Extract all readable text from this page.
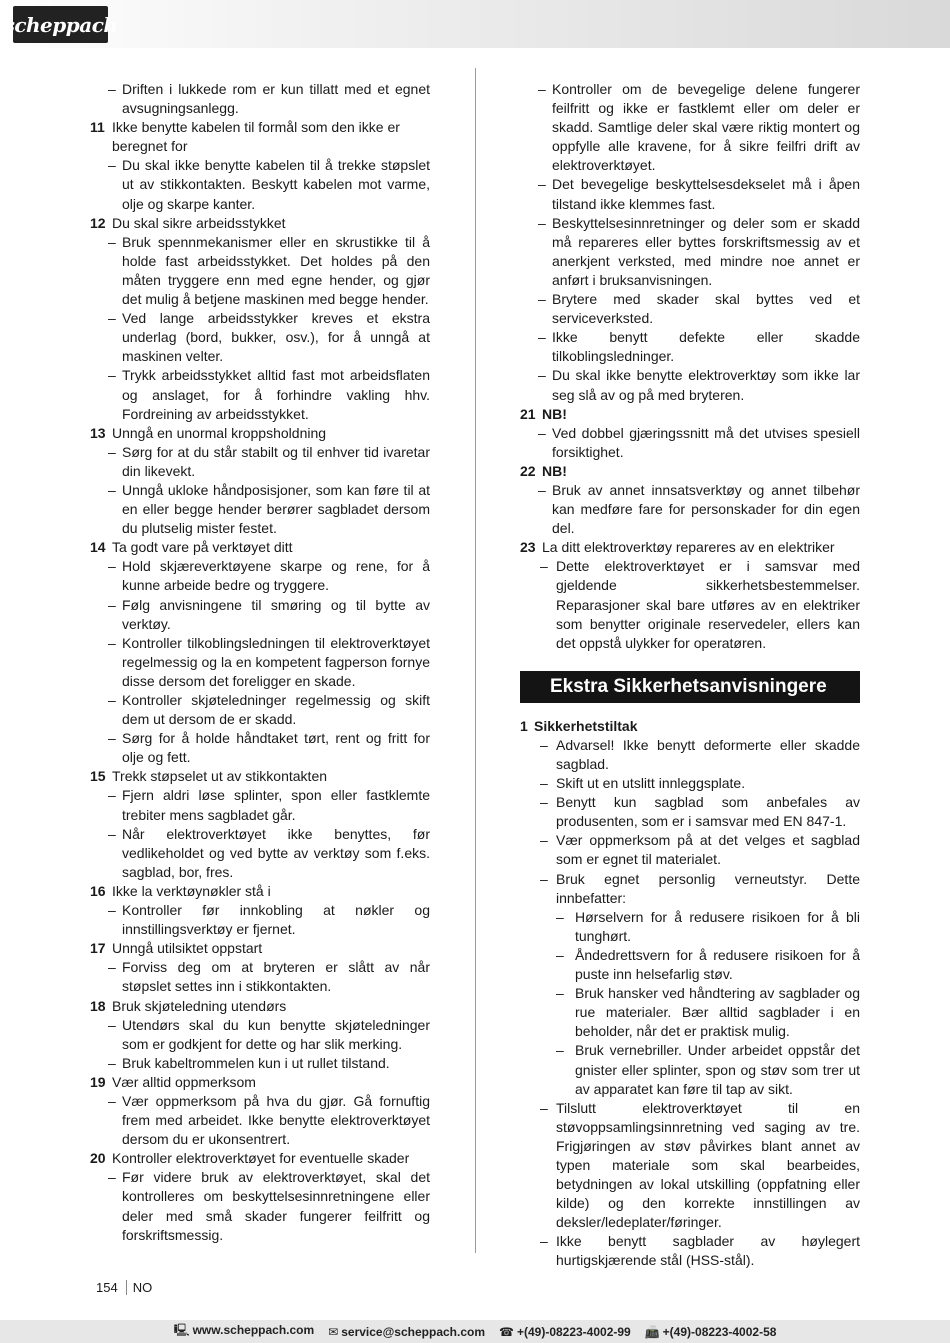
scheppach
– Driften i lukkede rom er kun tillatt med et egnet avsugningsanlegg.
11 Ikke benytte kabelen til formål som den ikke er beregnet for
– Du skal ikke benytte kabelen til å trekke støpslet ut av stikkontakten. Beskytt kabelen mot varme, olje og skarpe kanter.
12 Du skal sikre arbeidsstykket
– Bruk spennmekanismer eller en skrustikke til å holde fast arbeidsstykket. Det holdes på den måten tryggere enn med egne hender, og gjør det mulig å betjene maskinen med begge hender.
– Ved lange arbeidsstykker kreves et ekstra underlag (bord, bukker, osv.), for å unngå at maskinen velter.
– Trykk arbeidsstykket alltid fast mot arbeidsflaten og anslaget, for å forhindre vakling hhv. Fordreining av arbeidsstykket.
13 Unngå en unormal kroppsholdning
– Sørg for at du står stabilt og til enhver tid ivaretar din likevekt.
– Unngå ukloke håndposisjoner, som kan føre til at en eller begge hender berører sagbladet dersom du plutselig mister festet.
14 Ta godt vare på verktøyet ditt
– Hold skjæreverktøyene skarpe og rene, for å kunne arbeide bedre og tryggere.
– Følg anvisningene til smøring og til bytte av verktøy.
– Kontroller tilkoblingsledningen til elektroverktøyet regelmessig og la en kompetent fagperson fornye disse dersom det foreligger en skade.
– Kontroller skjøteledninger regelmessig og skift dem ut dersom de er skadd.
– Sørg for å holde håndtaket tørt, rent og fritt for olje og fett.
15 Trekk støpselet ut av stikkontakten
– Fjern aldri løse splinter, spon eller fastklemte trebiter mens sagbladet går.
– Når elektroverktøyet ikke benyttes, før vedlikeholdet og ved bytte av verktøy som f.eks. sagblad, bor, fres.
16 Ikke la verktøynøkler stå i
– Kontroller før innkobling at nøkler og innstillingsverktøy er fjernet.
17 Unngå utilsiktet oppstart
– Forviss deg om at bryteren er slått av når støpslet settes inn i stikkontakten.
18 Bruk skjøteledning utendørs
– Utendørs skal du kun benytte skjøteledninger som er godkjent for dette og har slik merking.
– Bruk kabeltrommelen kun i ut rullet tilstand.
19 Vær alltid oppmerksom
– Vær oppmerksom på hva du gjør. Gå fornuftig frem med arbeidet. Ikke benytte elektroverktøyet dersom du er ukonsentrert.
20 Kontroller elektroverktøyet for eventuelle skader
– Før videre bruk av elektroverktøyet, skal det kontrolleres om beskyttelsesinnretningene eller deler med små skader fungerer feilfritt og forskriftsmessig.
– Kontroller om de bevegelige delene fungerer feilfritt og ikke er fastklemt eller om deler er skadd. Samtlige deler skal være riktig montert og oppfylle alle kravene, for å sikre feilfri drift av elektroverktøyet.
– Det bevegelige beskyttelsesdekselet må i åpen tilstand ikke klemmes fast.
– Beskyttelsesinnretninger og deler som er skadd må repareres eller byttes forskriftsmessig av et anerkjent verksted, med mindre noe annet er anført i bruksanvisningen.
– Brytere med skader skal byttes ved et serviceverksted.
– Ikke benytt defekte eller skadde tilkoblingsledninger.
– Du skal ikke benytte elektroverktøy som ikke lar seg slå av og på med bryteren.
21 NB!
– Ved dobbel gjæringssnitt må det utvises spesiell forsiktighet.
22 NB!
– Bruk av annet innsatsverktøy og annet tilbehør kan medføre fare for personskader for din egen del.
23 La ditt elektroverktøy repareres av en elektriker
– Dette elektroverktøyet er i samsvar med gjeldende sikkerhetsbestemmelser. Reparasjoner skal bare utføres av en elektriker som benytter originale reservedeler, ellers kan det oppstå ulykker for operatøren.
Ekstra Sikkerhetsanvisningere
1 Sikkerhetstiltak
– Advarsel! Ikke benytt deformerte eller skadde sagblad.
– Skift ut en utslitt innleggsplate.
– Benytt kun sagblad som anbefales av produsenten, som er i samsvar med EN 847-1.
– Vær oppmerksom på at det velges et sagblad som er egnet til materialet.
– Bruk egnet personlig verneutstyr. Dette innbefatter:
– Hørselvern for å redusere risikoen for å bli tunghørt.
– Åndedrettsvern for å redusere risikoen for å puste inn helsefarlig støv.
– Bruk hansker ved håndtering av sagblader og rue materialer. Bær alltid sagblader i en beholder, når det er praktisk mulig.
– Bruk vernebriller. Under arbeidet oppstår det gnister eller splinter, spon og støv som trer ut av apparatet kan føre til tap av sikt.
– Tilslutt elektroverktøyet til en støvoppsamlingsinnretning ved saging av tre. Frigjøringen av støv påvirkes blant annet av typen materiale som skal bearbeides, betydningen av lokal utskilling (oppfatning eller kilde) og den korrekte innstillingen av deksler/ledeplater/føringer.
– Ikke benytt sagblader av høylegert hurtigskjærende stål (HSS-stål).
154 NO
🖳 www.scheppach.com ✉ service@scheppach.com ☎ +(49)-08223-4002-99 📠 +(49)-08223-4002-58
